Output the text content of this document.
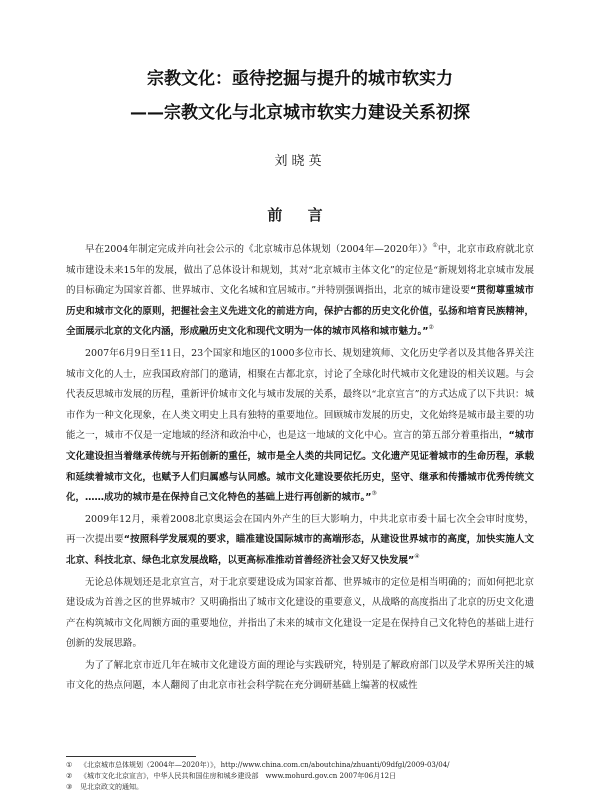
宗教文化：亟待挖掘与提升的城市软实力
——宗教文化与北京城市软实力建设关系初探
刘晓英
前 言

早在2004年制定完成并向社会公示的《北京城市总体规划（2004年—2020年）》①中，北京市政府就北京城市建设未来15年的发展，做出了总体设计和规划，其对“北京城市主体文化”的定位是“新规划将北京城市发展的目标确定为国家首都、世界城市、文化名城和宜居城市。”并特别强调指出，北京的城市建设要“贯彻尊重城市历史和城市文化的原则，把握社会主义先进文化的前进方向，保护古都的历史文化价值，弘扬和培育民族精神，全面展示北京的文化内涵，形成融历史文化和现代文明为一体的城市风格和城市魅力。”②

2007年6月9日至11日，23个国家和地区的1000多位市长、规划建筑师、文化历史学者以及其他各界关注城市文化的人士，应我国政府部门的邀请，相聚在古都北京，讨论了全球化时代城市文化建设的相关议题。与会代表反思城市发展的历程，重新评价城市文化与城市发展的关系，最终以“北京宣言”的方式达成了以下共识：城市作为一种文化现象，在人类文明史上具有独特的重要地位。回顾城市发展的历史，文化始终是城市最主要的功能之一，城市不仅是一定地域的经济和政治中心，也是这一地域的文化中心。宣言的第五部分着重指出，“城市文化建设担当着继承传统与开拓创新的重任，城市是全人类的共同记忆。文化遗产见证着城市的生命历程，承载和延续着城市文化，也赋予人们归属感与认同感。城市文化建设要依托历史，坚守、继承和传播城市优秀传统文化，……成功的城市是在保持自己文化特色的基础上进行再创新的城市。”③

2009年12月，乘着2008北京奥运会在国内外产生的巨大影响力，中共北京市委十届七次全会审时度势，再一次提出要“按照科学发展观的要求，瞄准建设国际城市的高端形态，从建设世界城市的高度，加快实施人文北京、科技北京、绿色北京发展战略，以更高标准推动首善经济社会又好又快发展”④

无论总体规划还是北京宣言，对于北京要建设成为国家首都、世界城市的定位是相当明确的；而如何把北京建设成为首善之区的世界城市？又明确指出了城市文化建设的重要意义，从战略的高度指出了北京的历史文化遗产在构筑城市文化周额方面的重要地位，并指出了未来的城市文化建设一定是在保持自己文化特色的基础上进行创新的发展思路。

为了了解北京市近几年在城市文化建设方面的理论与实践研究，特别是了解政府部门以及学术界所关注的城市文化的热点问题，本人翻阅了由北京市社会科学院在充分调研基础上编著的权威性

① 《北京城市总体规划（2004年—2020年）》，http://www.china.com.cn/aboutchina/zhuanti/09dfgl/2009-03/04/
② 《城市文化北京宣言》，中华人民共和国住房和城乡建设部　www.mohurd.gov.cn 2007年06月12日
③ 见北京政文的通知。
